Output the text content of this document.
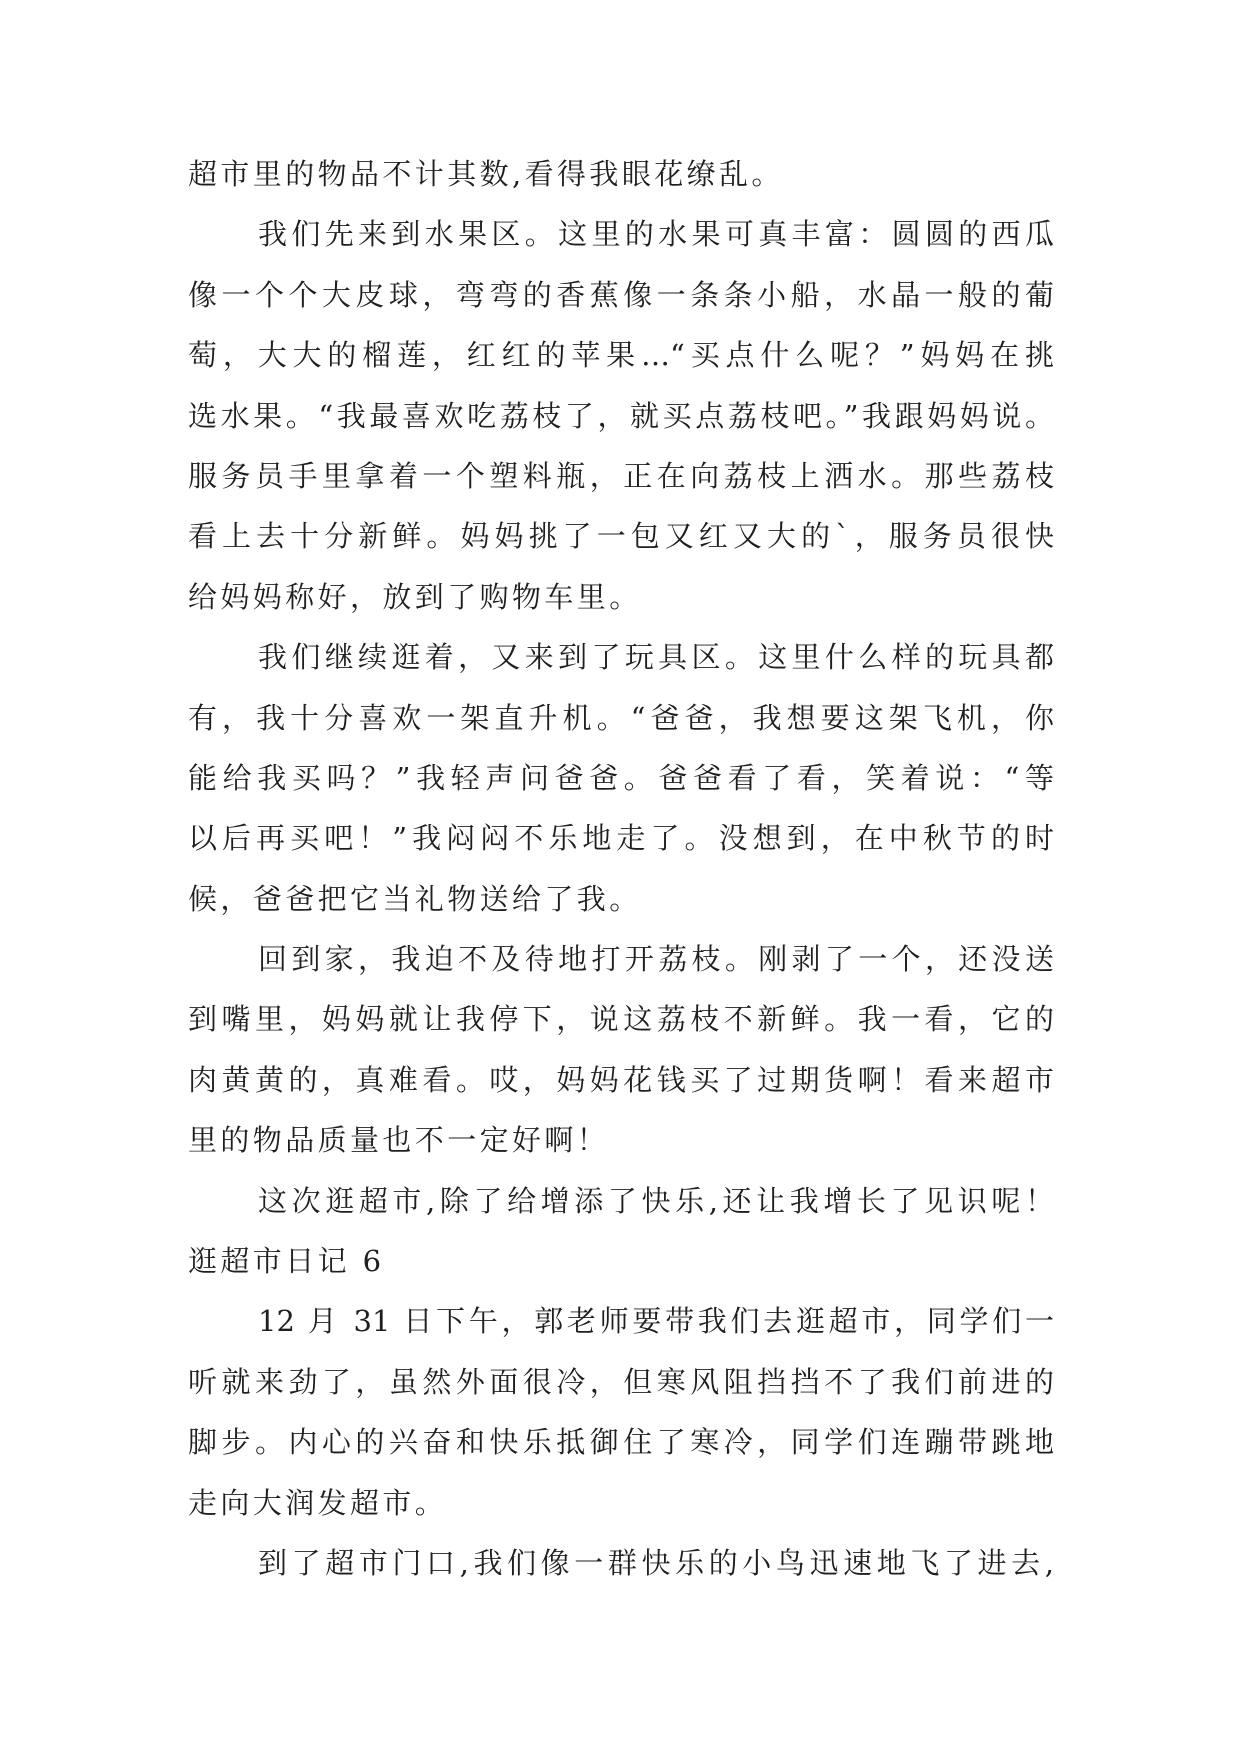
超市里的物品不计其数,看得我眼花缭乱。
我们先来到水果区。这里的水果可真丰富：圆圆的西瓜
像一个个大皮球，弯弯的香蕉像一条条小船，水晶一般的葡
萄，大大的榴莲，红红的苹果…“买点什么呢？”妈妈在挑
选水果。“我最喜欢吃荔枝了，就买点荔枝吧。”我跟妈妈说。
服务员手里拿着一个塑料瓶，正在向荔枝上洒水。那些荔枝
看上去十分新鲜。妈妈挑了一包又红又大的`，服务员很快
给妈妈称好，放到了购物车里。
我们继续逛着，又来到了玩具区。这里什么样的玩具都
有，我十分喜欢一架直升机。“爸爸，我想要这架飞机，你
能给我买吗？”我轻声问爸爸。爸爸看了看，笑着说：“等
以后再买吧！”我闷闷不乐地走了。没想到，在中秋节的时
候，爸爸把它当礼物送给了我。
回到家，我迫不及待地打开荔枝。刚剥了一个，还没送
到嘴里，妈妈就让我停下，说这荔枝不新鲜。我一看，它的
肉黄黄的，真难看。哎，妈妈花钱买了过期货啊！看来超市
里的物品质量也不一定好啊！
这次逛超市,除了给增添了快乐,还让我增长了见识呢！
逛超市日记 6
12 月 31 日下午，郭老师要带我们去逛超市，同学们一
听就来劲了，虽然外面很冷，但寒风阻挡挡不了我们前进的
脚步。内心的兴奋和快乐抵御住了寒冷，同学们连蹦带跳地
走向大润发超市。
到了超市门口,我们像一群快乐的小鸟迅速地飞了进去,
